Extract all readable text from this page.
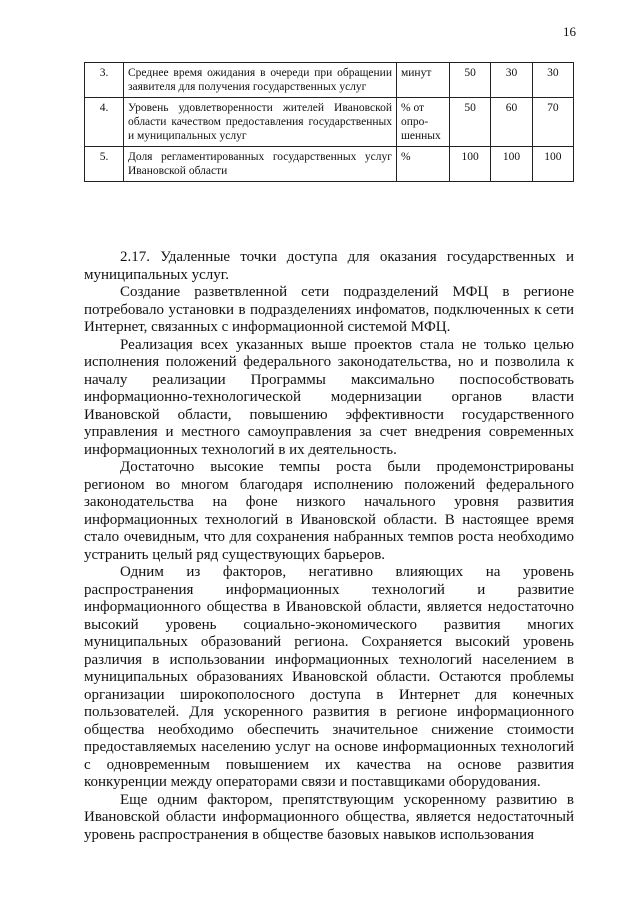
16
3.	Среднее время ожидания в очереди при обращении заявителя для получения государственных услуг	минут	50	30	30
4.	Уровень удовлетворенности жителей Ивановской области качеством предоставления государственных и муниципальных услуг	% от опрошенных	50	60	70
5.	Доля регламентированных государственных услуг Ивановской области	%	100	100	100

2.17. Удаленные точки доступа для оказания государственных и муниципальных услуг.

Создание разветвленной сети подразделений МФЦ в регионе потребовало установки в подразделениях инфоматов, подключенных к сети Интернет, связанных с информационной системой МФЦ.

Реализация всех указанных выше проектов стала не только целью исполнения положений федерального законодательства, но и позволила к началу реализации Программы максимально поспособствовать информационно-технологической модернизации органов власти Ивановской области, повышению эффективности государственного управления и местного самоуправления за счет внедрения современных информационных технологий в их деятельность.

Достаточно высокие темпы роста были продемонстрированы регионом во многом благодаря исполнению положений федерального законодательства на фоне низкого начального уровня развития информационных технологий в Ивановской области. В настоящее время стало очевидным, что для сохранения набранных темпов роста необходимо устранить целый ряд существующих барьеров.

Одним из факторов, негативно влияющих на уровень распространения информационных технологий и развитие информационного общества в Ивановской области, является недостаточно высокий уровень социально-экономического развития многих муниципальных образований региона. Сохраняется высокий уровень различия в использовании информационных технологий населением в муниципальных образованиях Ивановской области. Остаются проблемы организации широкополосного доступа в Интернет для конечных пользователей. Для ускоренного развития в регионе информационного общества необходимо обеспечить значительное снижение стоимости предоставляемых населению услуг на основе информационных технологий с одновременным повышением их качества на основе развития конкуренции между операторами связи и поставщиками оборудования.

Еще одним фактором, препятствующим ускоренному развитию в Ивановской области информационного общества, является недостаточный уровень распространения в обществе базовых навыков использования
